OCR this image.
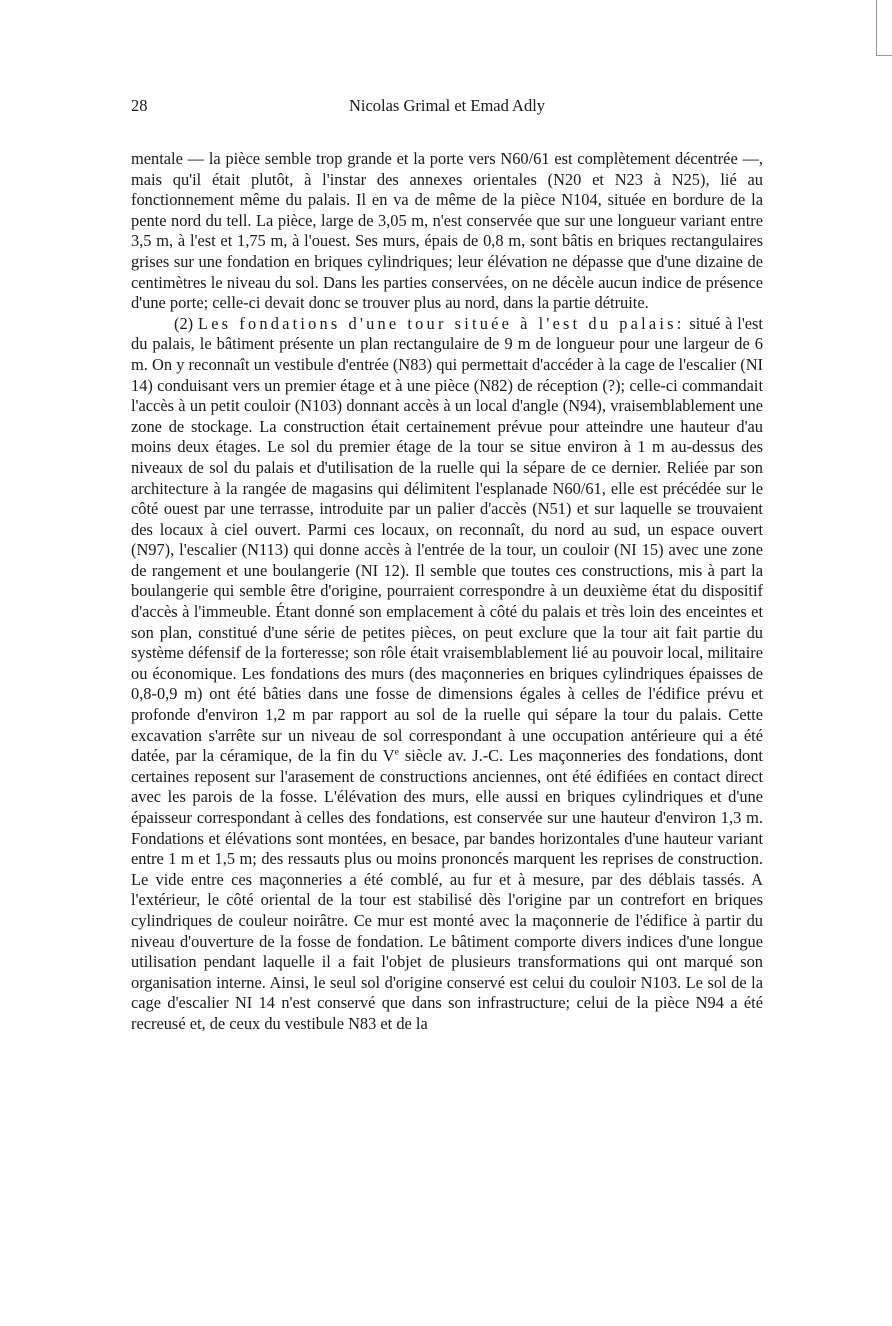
28	Nicolas Grimal et Emad Adly

mentale — la pièce semble trop grande et la porte vers N60/61 est complètement décentrée —, mais qu'il était plutôt, à l'instar des annexes orientales (N20 et N23 à N25), lié au fonctionnement même du palais. Il en va de même de la pièce N104, située en bordure de la pente nord du tell. La pièce, large de 3,05 m, n'est conservée que sur une longueur variant entre 3,5 m, à l'est et 1,75 m, à l'ouest. Ses murs, épais de 0,8 m, sont bâtis en briques rectangulaires grises sur une fondation en briques cylindriques; leur élévation ne dépasse que d'une dizaine de centimètres le niveau du sol. Dans les parties conservées, on ne décèle aucun indice de présence d'une porte; celle-ci devait donc se trouver plus au nord, dans la partie détruite.

(2) Les fondations d'une tour située à l'est du palais: situé à l'est du palais, le bâtiment présente un plan rectangulaire de 9 m de longueur pour une largeur de 6 m. On y reconnaît un vestibule d'entrée (N83) qui permettait d'accéder à la cage de l'escalier (NI 14) conduisant vers un premier étage et à une pièce (N82) de réception (?); celle-ci commandait l'accès à un petit couloir (N103) donnant accès à un local d'angle (N94), vraisemblablement une zone de stockage. La construction était certainement prévue pour atteindre une hauteur d'au moins deux étages. Le sol du premier étage de la tour se situe environ à 1 m au-dessus des niveaux de sol du palais et d'utilisation de la ruelle qui la sépare de ce dernier. Reliée par son architecture à la rangée de magasins qui délimitent l'esplanade N60/61, elle est précédée sur le côté ouest par une terrasse, introduite par un palier d'accès (N51) et sur laquelle se trouvaient des locaux à ciel ouvert. Parmi ces locaux, on reconnaît, du nord au sud, un espace ouvert (N97), l'escalier (N113) qui donne accès à l'entrée de la tour, un couloir (NI 15) avec une zone de rangement et une boulangerie (NI 12). Il semble que toutes ces constructions, mis à part la boulangerie qui semble être d'origine, pourraient correspondre à un deuxième état du dispositif d'accès à l'immeuble. Étant donné son emplacement à côté du palais et très loin des enceintes et son plan, constitué d'une série de petites pièces, on peut exclure que la tour ait fait partie du système défensif de la forteresse; son rôle était vraisemblablement lié au pouvoir local, militaire ou économique. Les fondations des murs (des maçonneries en briques cylindriques épaisses de 0,8-0,9 m) ont été bâties dans une fosse de dimensions égales à celles de l'édifice prévu et profonde d'environ 1,2 m par rapport au sol de la ruelle qui sépare la tour du palais. Cette excavation s'arrête sur un niveau de sol correspondant à une occupation antérieure qui a été datée, par la céramique, de la fin du Ve siècle av. J.-C. Les maçonneries des fondations, dont certaines reposent sur l'arasement de constructions anciennes, ont été édifiées en contact direct avec les parois de la fosse. L'élévation des murs, elle aussi en briques cylindriques et d'une épaisseur correspondant à celles des fondations, est conservée sur une hauteur d'environ 1,3 m. Fondations et élévations sont montées, en besace, par bandes horizontales d'une hauteur variant entre 1 m et 1,5 m; des ressauts plus ou moins prononcés marquent les reprises de construction. Le vide entre ces maçonneries a été comblé, au fur et à mesure, par des déblais tassés. A l'extérieur, le côté oriental de la tour est stabilisé dès l'origine par un contrefort en briques cylindriques de couleur noirâtre. Ce mur est monté avec la maçonnerie de l'édifice à partir du niveau d'ouverture de la fosse de fondation. Le bâtiment comporte divers indices d'une longue utilisation pendant laquelle il a fait l'objet de plusieurs transformations qui ont marqué son organisation interne. Ainsi, le seul sol d'origine conservé est celui du couloir N103. Le sol de la cage d'escalier NI 14 n'est conservé que dans son infrastructure; celui de la pièce N94 a été recreusé et, de ceux du vestibule N83 et de la
